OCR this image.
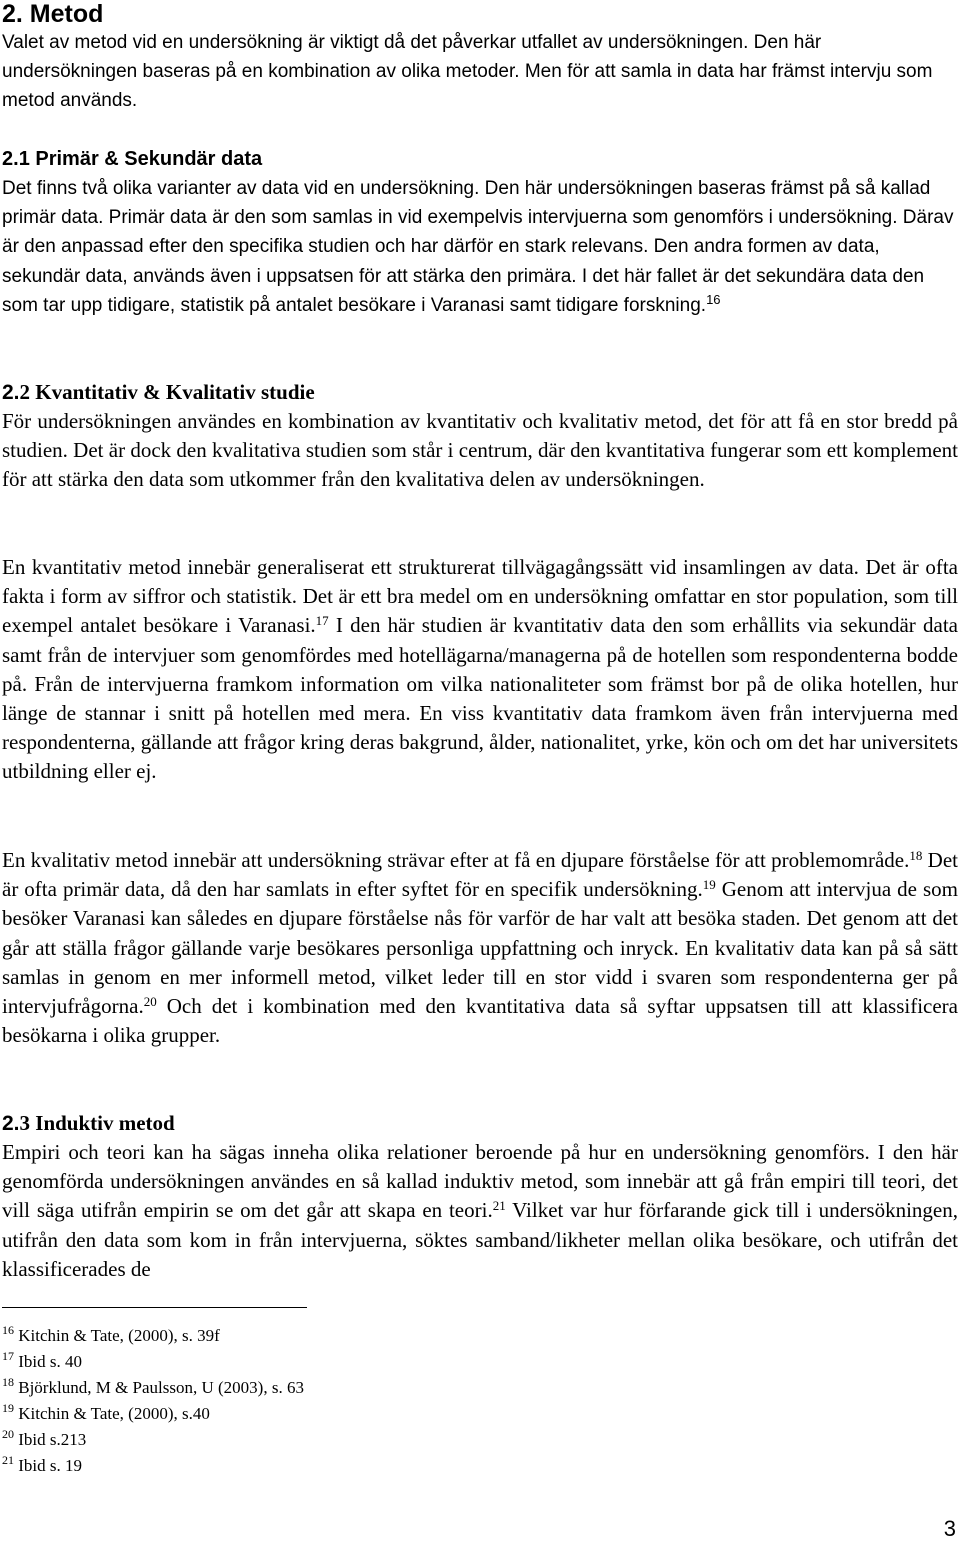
2. Metod

Valet av metod vid en undersökning är viktigt då det påverkar utfallet av undersökningen. Den här undersökningen baseras på en kombination av olika metoder. Men för att samla in data har främst intervju som metod används.

2.1 Primär & Sekundär data

Det finns två olika varianter av data vid en undersökning. Den här undersökningen baseras främst på så kallad primär data. Primär data är den som samlas in vid exempelvis intervjuerna som genomförs i undersökning. Därav är den anpassad efter den specifika studien och har därför en stark relevans. Den andra formen av data, sekundär data, används även i uppsatsen för att stärka den primära. I det här fallet är det sekundära data den som tar upp tidigare, statistik på antalet besökare i Varanasi samt tidigare forskning.$^{16}$

2.2 Kvantitativ & Kvalitativ studie

För undersökningen användes en kombination av kvantitativ och kvalitativ metod, det för att få en stor bredd på studien. Det är dock den kvalitativa studien som står i centrum, där den kvantitativa fungerar som ett komplement för att stärka den data som utkommer från den kvalitativa delen av undersökningen.

En kvantitativ metod innebär generaliserat ett strukturerat tillvägagångssätt vid insamlingen av data. Det är ofta fakta i form av siffror och statistik. Det är ett bra medel om en undersökning omfattar en stor population, som till exempel antalet besökare i Varanasi.$^{17}$ I den här studien är kvantitativ data den som erhållits via sekundär data samt från de intervjuer som genomfördes med hotellägarna/managerna på de hotellen som respondenterna bodde på. Från de intervjuerna framkom information om vilka nationaliteter som främst bor på de olika hotellen, hur länge de stannar i snitt på hotellen med mera. En viss kvantitativ data framkom även från intervjuerna med respondenterna, gällande att frågor kring deras bakgrund, ålder, nationalitet, yrke, kön och om det har universitets utbildning eller ej.

En kvalitativ metod innebär att undersökning strävar efter at få en djupare förståelse för att problemområde.$^{18}$ Det är ofta primär data, då den har samlats in efter syftet för en specifik undersökning.$^{19}$ Genom att intervjua de som besöker Varanasi kan således en djupare förståelse nås för varför de har valt att besöka staden. Det genom att det går att ställa frågor gällande varje besökares personliga uppfattning och inryck. En kvalitativ data kan på så sätt samlas in genom en mer informell metod, vilket leder till en stor vidd i svaren som respondenterna ger på intervjufrågorna.$^{20}$ Och det i kombination med den kvantitativa data så syftar uppsatsen till att klassificera besökarna i olika grupper.

2.3 Induktiv metod

Empiri och teori kan ha sägas inneha olika relationer beroende på hur en undersökning genomförs. I den här genomförda undersökningen användes en så kallad induktiv metod, som innebär att gå från empiri till teori, det vill säga utifrån empirin se om det går att skapa en teori.$^{21}$ Vilket var hur förfarande gick till i undersökningen, utifrån den data som kom in från intervjuerna, söktes samband/likheter mellan olika besökare, och utifrån det klassificerades de

$^{16}$ Kitchin & Tate, (2000), s. 39f
$^{17}$ Ibid s. 40
$^{18}$ Björklund, M & Paulsson, U (2003), s. 63
$^{19}$ Kitchin & Tate, (2000), s.40
$^{20}$ Ibid s.213
$^{21}$ Ibid s. 19
3
